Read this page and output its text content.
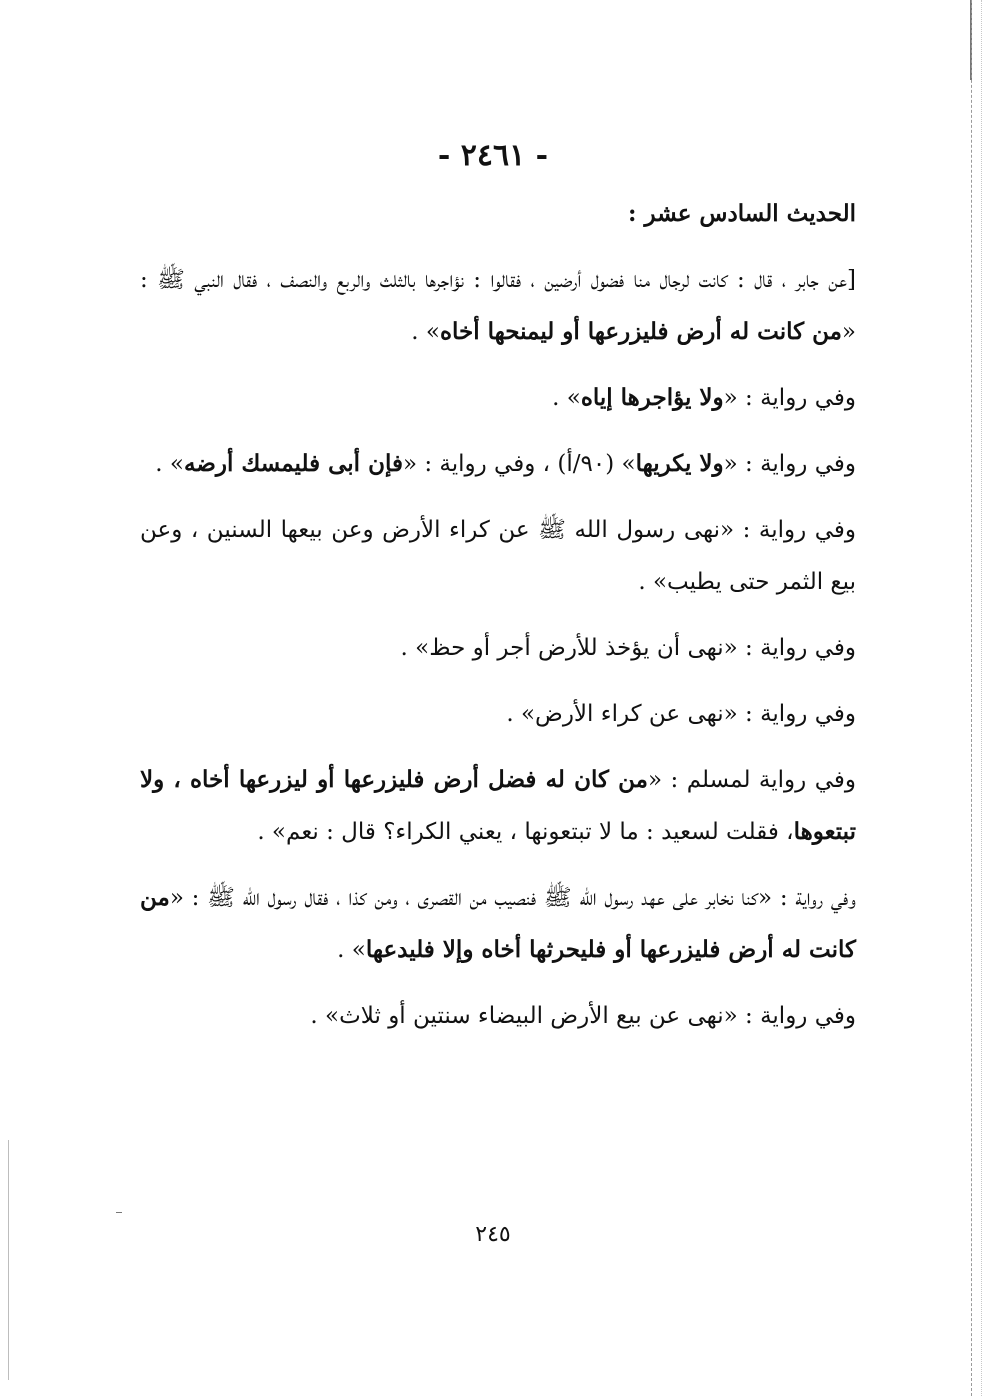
- ٢٤٦١ -

الحديث السادس عشر :

[عن جابر ، قال : كانت لرجال منا فضول أرضين ، فقالوا : نؤاجرها بالثلث والربع والنصف ، فقال النبي ﷺ : «من كانت له أرض فليزرعها أو ليمنحها أخاه» .

وفي رواية : «ولا يؤاجرها إياه» .

وفي رواية : «ولا يكريها» (٩٠/أ) ، وفي رواية : «فإن أبى فليمسك أرضه» .

وفي رواية : «نهى رسول الله ﷺ عن كراء الأرض وعن بيعها السنين ، وعن بيع الثمر حتى يطيب» .

وفي رواية : «نهى أن يؤخذ للأرض أجر أو حظ» .

وفي رواية : «نهى عن كراء الأرض» .

وفي رواية لمسلم : «من كان له فضل أرض فليزرعها أو ليزرعها أخاه ، ولا تبتعوها، فقلت لسعيد : ما لا تبتعونها ، يعني الكراء؟ قال : نعم» .

وفي رواية : «كنا نخابر على عهد رسول الله ﷺ فنصيب من القصرى ، ومن كذا ، فقال رسول الله ﷺ : «من كانت له أرض فليزرعها أو فليحرثها أخاه وإلا فليدعها» .

وفي رواية : «نهى عن بيع الأرض البيضاء سنتين أو ثلاث» .

٢٤٥
